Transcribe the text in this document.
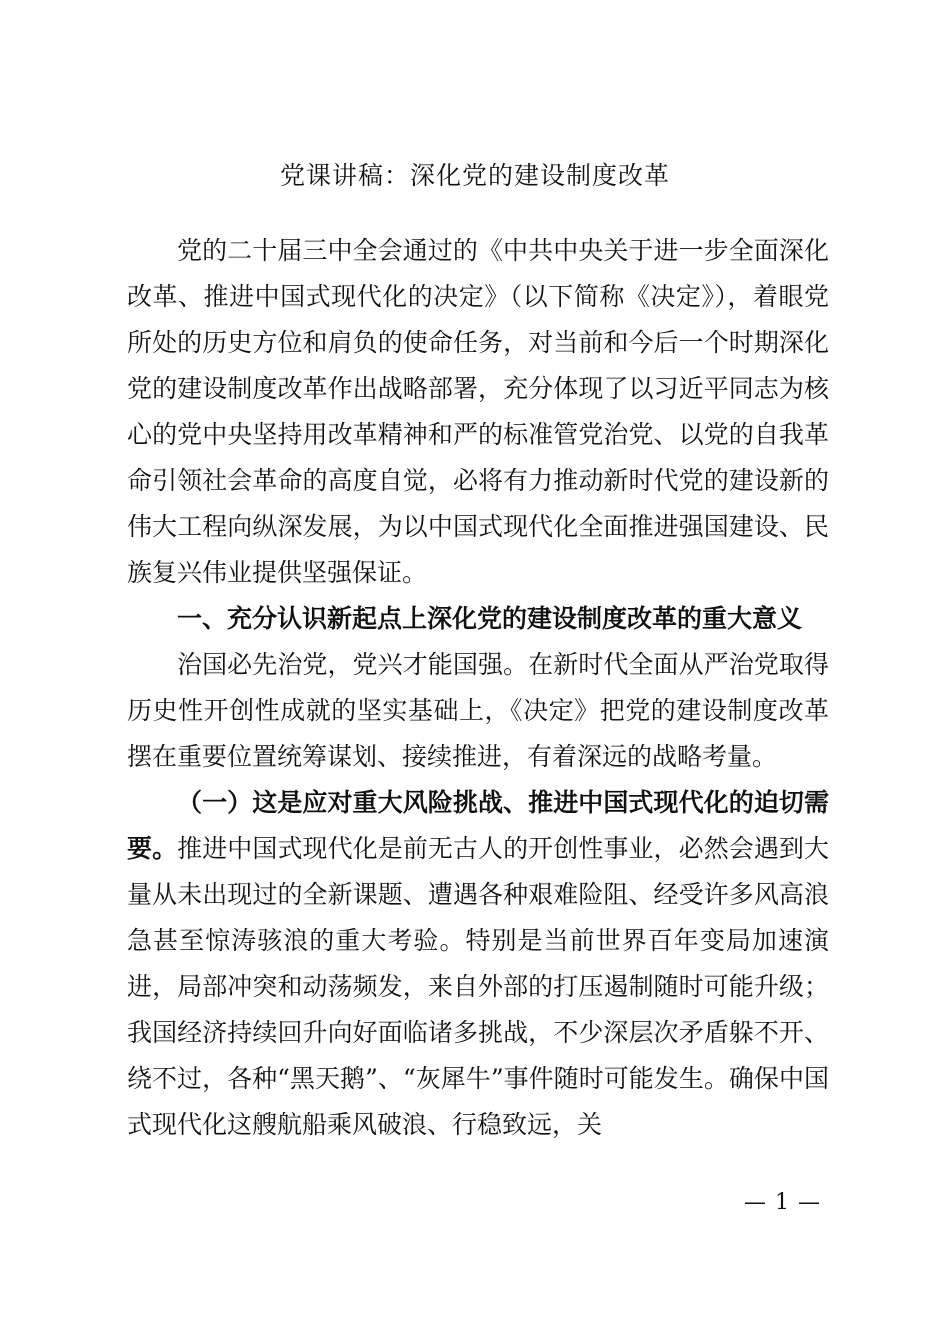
党课讲稿：深化党的建设制度改革

党的二十届三中全会通过的《中共中央关于进一步全面深化改革、推进中国式现代化的决定》（以下简称《决定》），着眼党所处的历史方位和肩负的使命任务，对当前和今后一个时期深化党的建设制度改革作出战略部署，充分体现了以习近平同志为核心的党中央坚持用改革精神和严的标准管党治党、以党的自我革命引领社会革命的高度自觉，必将有力推动新时代党的建设新的伟大工程向纵深发展，为以中国式现代化全面推进强国建设、民族复兴伟业提供坚强保证。

一、充分认识新起点上深化党的建设制度改革的重大意义

治国必先治党，党兴才能国强。在新时代全面从严治党取得历史性开创性成就的坚实基础上，《决定》把党的建设制度改革摆在重要位置统筹谋划、接续推进，有着深远的战略考量。

（一）这是应对重大风险挑战、推进中国式现代化的迫切需要。推进中国式现代化是前无古人的开创性事业，必然会遇到大量从未出现过的全新课题、遭遇各种艰难险阻、经受许多风高浪急甚至惊涛骇浪的重大考验。特别是当前世界百年变局加速演进，局部冲突和动荡频发，来自外部的打压遏制随时可能升级；我国经济持续回升向好面临诸多挑战，不少深层次矛盾躲不开、绕不过，各种“黑天鹅”、“灰犀牛”事件随时可能发生。确保中国式现代化这艘航船乘风破浪、行稳致远，关

— 1 —
